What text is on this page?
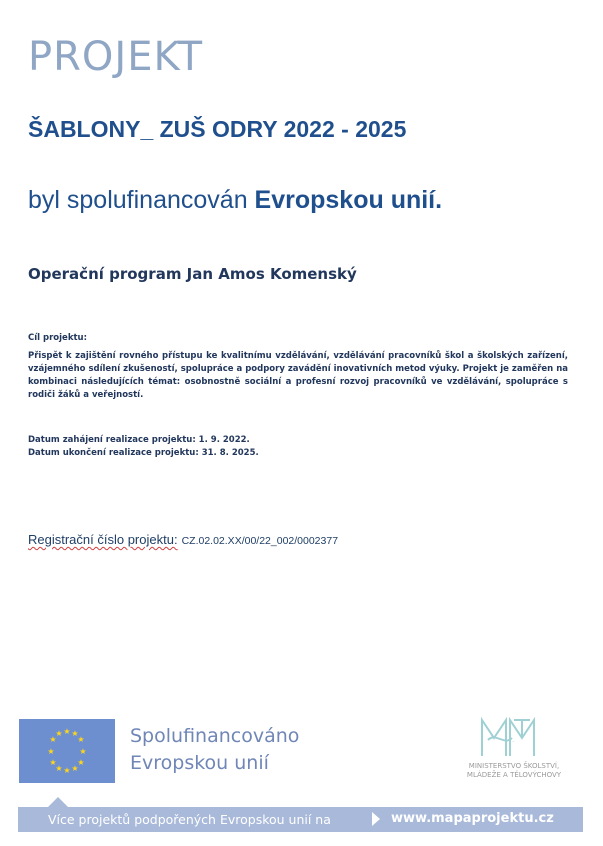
PROJEKT
ŠABLONY_ ZUŠ ODRY 2022 - 2025
byl spolufinancován Evropskou unií.
Operační program Jan Amos Komenský
Cíl projektu:
Přispět k zajištění rovného přístupu ke kvalitnímu vzdělávání, vzdělávání pracovníků škol a školských zařízení, vzájemného sdílení zkušeností, spolupráce a podpory zavádění inovativních metod výuky. Projekt je zaměřen na kombinaci následujících témat: osobnostně sociální a profesní rozvoj pracovníků ve vzdělávání, spolupráce s rodiči žáků a veřejností.
Datum zahájení realizace projektu: 1. 9. 2022.
Datum ukončení realizace projektu: 31. 8. 2025.
Registrační číslo projektu: CZ.02.02.XX/00/22_002/0002377
★ ★
★
★
★
★
★
★
★
★
★
★	Spolufinancováno
Evropskou unií
MŠMT
MINISTERSTVO ŠKOLSTVÍ,
MLÁDEŽE A TĚLOVÝCHOVY
Více projektů podpořených Evropskou unií na	www.mapaprojektu.cz
